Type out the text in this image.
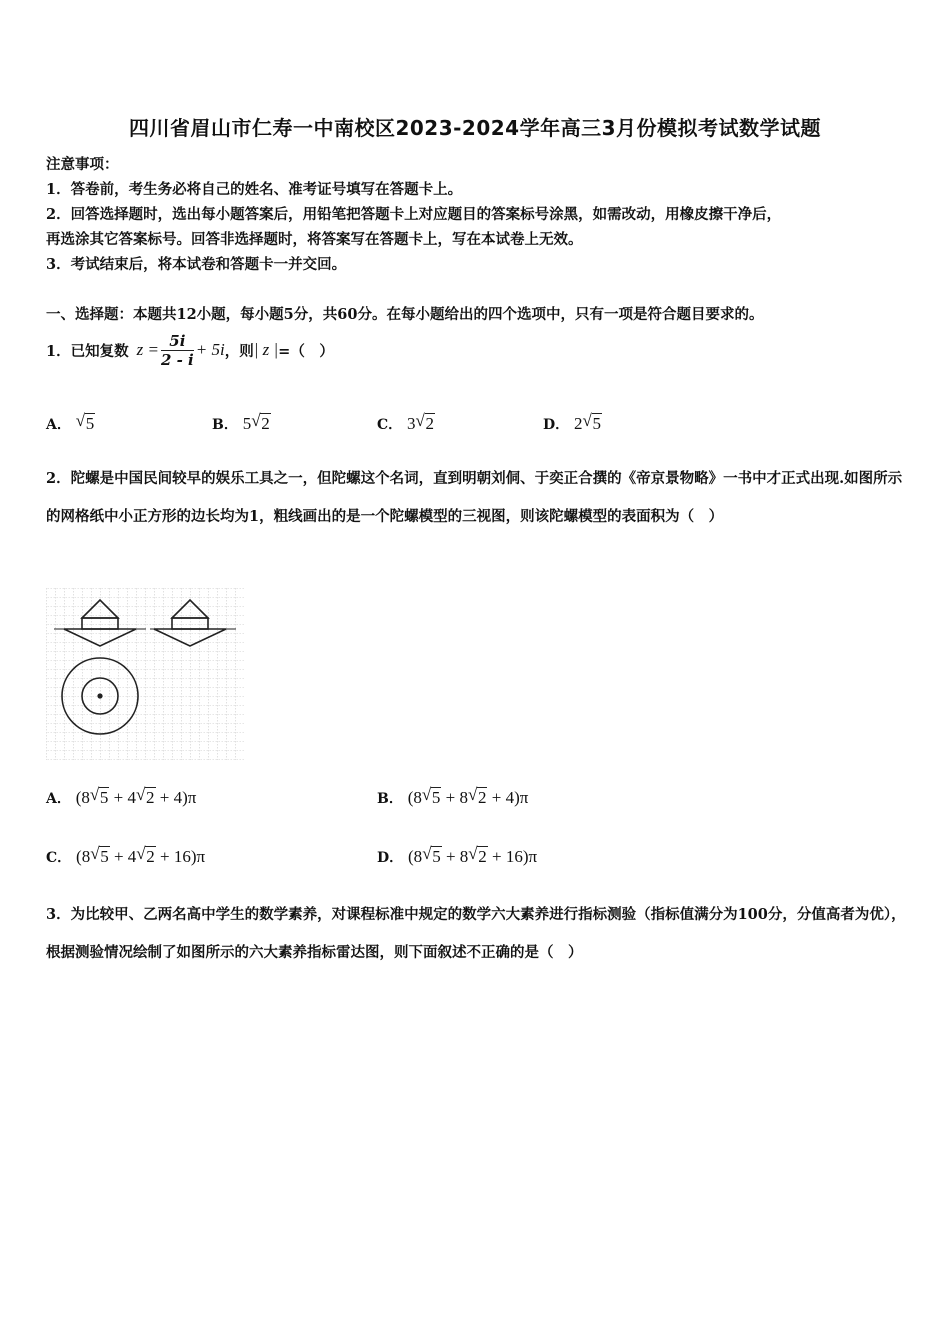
四川省眉山市仁寿一中南校区2023-2024学年高三3月份模拟考试数学试题
注意事项：
1．答卷前，考生务必将自己的姓名、准考证号填写在答题卡上。
2．回答选择题时，选出每小题答案后，用铅笔把答题卡上对应题目的答案标号涂黑，如需改动，用橡皮擦干净后，
再选涂其它答案标号。回答非选择题时，将答案写在答题卡上，写在本试卷上无效。
3．考试结束后，将本试卷和答题卡一并交回。
一、选择题：本题共12小题，每小题5分，共60分。在每小题给出的四个选项中，只有一项是符合题目要求的。
1．已知复数 $z = \frac{5i}{2 - i} + 5i$ ，则 | z | =（　）
A． √ 5	B． 5 √ 2	C． 3 √ 2	D． 2 √ 5
2．陀螺是中国民间较早的娱乐工具之一，但陀螺这个名词，直到明朝刘侗、于奕正合撰的《帝京景物略》一书中才正式出现.如图所示的网格纸中小正方形的边长均为1，粗线画出的是一个陀螺模型的三视图，则该陀螺模型的表面积为（　）
A． (8 √ 5 + 4 √ 2 + 4)π	B． (8 √ 5 + 8 √ 2 + 4)π
C． (8 √ 5 + 4 √ 2 + 16)π	D． (8 √ 5 + 8 √ 2 + 16)π
3．为比较甲、乙两名高中学生的数学素养，对课程标准中规定的数学六大素养进行指标测验（指标值满分为100分，分值高者为优），根据测验情况绘制了如图所示的六大素养指标雷达图，则下面叙述不正确的是（　）
